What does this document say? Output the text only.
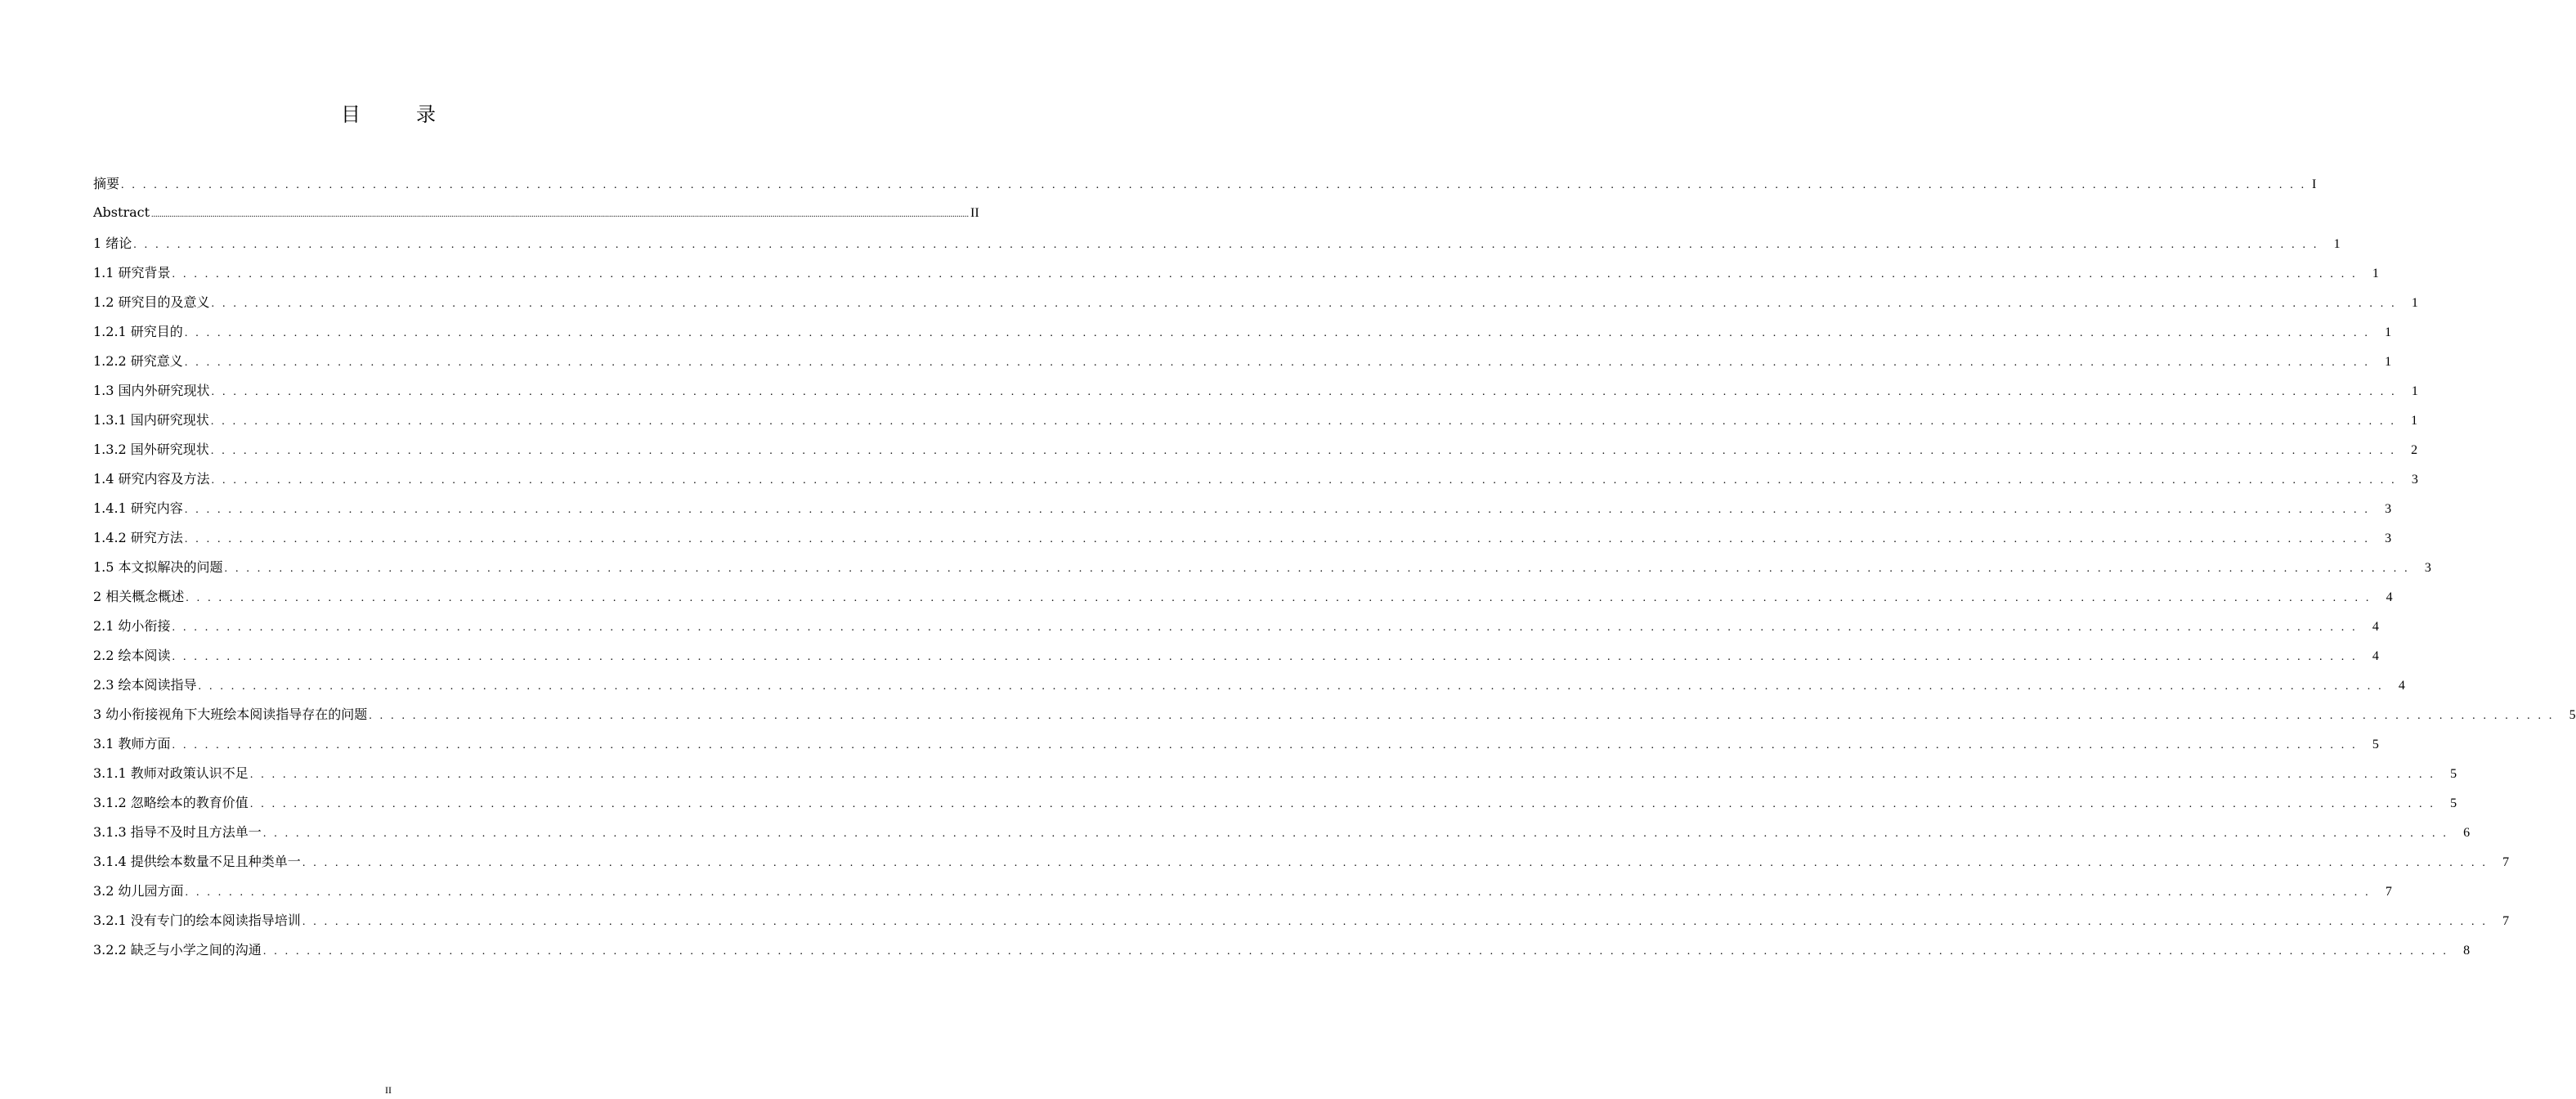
目　录
摘要 . . . . . . . . . . . . . . . . . . . . . . . . . . . . . . . . . . . . . . . . . . . . . . . . . . . . . . . . . . . . . . . . . . . . . . . . . . . . . . . . . . . . . . . . . . . . . . . . . . . . . . . . . . . . . . . . . . . . . . . . . . . . . . . . . . . . . . . . . . . . . . . . . . . . . . . . . . . . . . . . . . . . . . . . . . . . . . . . . . . . . . . . . . . . . . . . . . . . . . . . I
Abstract ................................................................................................................................................................................................................................................................................................................................................................................................................ II
1 绪论 . . . . . . . . . . . . . . . . . . . . . . . . . . . . . . . . . . . . . . . . . . . . . . . . . . . . . . . . . . . . . . . . . . . . . . . . . . . . . . . . . . . . . . . . . . . . . . . . . . . . . . . . . . . . . . . . . . . . . . . . . . . . . . . . . . . . . . . . . . . . . . . . . . . . . . . . . . . . . . . . . . . . . . . . . . . . . . . . . . . . . . . . . . . . . . . . . . . . . . . .	1
1.1 研究背景 . . . . . . . . . . . . . . . . . . . . . . . . . . . . . . . . . . . . . . . . . . . . . . . . . . . . . . . . . . . . . . . . . . . . . . . . . . . . . . . . . . . . . . . . . . . . . . . . . . . . . . . . . . . . . . . . . . . . . . . . . . . . . . . . . . . . . . . . . . . . . . . . . . . . . . . . . . . . . . . . . . . . . . . . . . . . . . . . . . . . . . . . . . . . . . . . . . . . . . . .	1
1.2 研究目的及意义 . . . . . . . . . . . . . . . . . . . . . . . . . . . . . . . . . . . . . . . . . . . . . . . . . . . . . . . . . . . . . . . . . . . . . . . . . . . . . . . . . . . . . . . . . . . . . . . . . . . . . . . . . . . . . . . . . . . . . . . . . . . . . . . . . . . . . . . . . . . . . . . . . . . . . . . . . . . . . . . . . . . . . . . . . . . . . . . . . . . . . . . . . . . . . . . . . . . . . . . .	1
1.2.1 研究目的 . . . . . . . . . . . . . . . . . . . . . . . . . . . . . . . . . . . . . . . . . . . . . . . . . . . . . . . . . . . . . . . . . . . . . . . . . . . . . . . . . . . . . . . . . . . . . . . . . . . . . . . . . . . . . . . . . . . . . . . . . . . . . . . . . . . . . . . . . . . . . . . . . . . . . . . . . . . . . . . . . . . . . . . . . . . . . . . . . . . . . . . . . . . . . . . . . . . . . . . .	1
1.2.2 研究意义 . . . . . . . . . . . . . . . . . . . . . . . . . . . . . . . . . . . . . . . . . . . . . . . . . . . . . . . . . . . . . . . . . . . . . . . . . . . . . . . . . . . . . . . . . . . . . . . . . . . . . . . . . . . . . . . . . . . . . . . . . . . . . . . . . . . . . . . . . . . . . . . . . . . . . . . . . . . . . . . . . . . . . . . . . . . . . . . . . . . . . . . . . . . . . . . . . . . . . . . .	1
1.3 国内外研究现状 . . . . . . . . . . . . . . . . . . . . . . . . . . . . . . . . . . . . . . . . . . . . . . . . . . . . . . . . . . . . . . . . . . . . . . . . . . . . . . . . . . . . . . . . . . . . . . . . . . . . . . . . . . . . . . . . . . . . . . . . . . . . . . . . . . . . . . . . . . . . . . . . . . . . . . . . . . . . . . . . . . . . . . . . . . . . . . . . . . . . . . . . . . . . . . . . . . . . . . . .	1
1.3.1 国内研究现状 . . . . . . . . . . . . . . . . . . . . . . . . . . . . . . . . . . . . . . . . . . . . . . . . . . . . . . . . . . . . . . . . . . . . . . . . . . . . . . . . . . . . . . . . . . . . . . . . . . . . . . . . . . . . . . . . . . . . . . . . . . . . . . . . . . . . . . . . . . . . . . . . . . . . . . . . . . . . . . . . . . . . . . . . . . . . . . . . . . . . . . . . . . . . . . . . . . . . . . . .	1
1.3.2 国外研究现状 . . . . . . . . . . . . . . . . . . . . . . . . . . . . . . . . . . . . . . . . . . . . . . . . . . . . . . . . . . . . . . . . . . . . . . . . . . . . . . . . . . . . . . . . . . . . . . . . . . . . . . . . . . . . . . . . . . . . . . . . . . . . . . . . . . . . . . . . . . . . . . . . . . . . . . . . . . . . . . . . . . . . . . . . . . . . . . . . . . . . . . . . . . . . . . . . . . . . . . . .	2
1.4 研究内容及方法 . . . . . . . . . . . . . . . . . . . . . . . . . . . . . . . . . . . . . . . . . . . . . . . . . . . . . . . . . . . . . . . . . . . . . . . . . . . . . . . . . . . . . . . . . . . . . . . . . . . . . . . . . . . . . . . . . . . . . . . . . . . . . . . . . . . . . . . . . . . . . . . . . . . . . . . . . . . . . . . . . . . . . . . . . . . . . . . . . . . . . . . . . . . . . . . . . . . . . . . .	3
1.4.1 研究内容 . . . . . . . . . . . . . . . . . . . . . . . . . . . . . . . . . . . . . . . . . . . . . . . . . . . . . . . . . . . . . . . . . . . . . . . . . . . . . . . . . . . . . . . . . . . . . . . . . . . . . . . . . . . . . . . . . . . . . . . . . . . . . . . . . . . . . . . . . . . . . . . . . . . . . . . . . . . . . . . . . . . . . . . . . . . . . . . . . . . . . . . . . . . . . . . . . . . . . . . .	3
1.4.2 研究方法 . . . . . . . . . . . . . . . . . . . . . . . . . . . . . . . . . . . . . . . . . . . . . . . . . . . . . . . . . . . . . . . . . . . . . . . . . . . . . . . . . . . . . . . . . . . . . . . . . . . . . . . . . . . . . . . . . . . . . . . . . . . . . . . . . . . . . . . . . . . . . . . . . . . . . . . . . . . . . . . . . . . . . . . . . . . . . . . . . . . . . . . . . . . . . . . . . . . . . . . .	3
1.5 本文拟解决的问题 . . . . . . . . . . . . . . . . . . . . . . . . . . . . . . . . . . . . . . . . . . . . . . . . . . . . . . . . . . . . . . . . . . . . . . . . . . . . . . . . . . . . . . . . . . . . . . . . . . . . . . . . . . . . . . . . . . . . . . . . . . . . . . . . . . . . . . . . . . . . . . . . . . . . . . . . . . . . . . . . . . . . . . . . . . . . . . . . . . . . . . . . . . . . . . . . . . . . . . . .	3
2 相关概念概述 . . . . . . . . . . . . . . . . . . . . . . . . . . . . . . . . . . . . . . . . . . . . . . . . . . . . . . . . . . . . . . . . . . . . . . . . . . . . . . . . . . . . . . . . . . . . . . . . . . . . . . . . . . . . . . . . . . . . . . . . . . . . . . . . . . . . . . . . . . . . . . . . . . . . . . . . . . . . . . . . . . . . . . . . . . . . . . . . . . . . . . . . . . . . . . . . . . . . . . . .	4
2.1 幼小衔接 . . . . . . . . . . . . . . . . . . . . . . . . . . . . . . . . . . . . . . . . . . . . . . . . . . . . . . . . . . . . . . . . . . . . . . . . . . . . . . . . . . . . . . . . . . . . . . . . . . . . . . . . . . . . . . . . . . . . . . . . . . . . . . . . . . . . . . . . . . . . . . . . . . . . . . . . . . . . . . . . . . . . . . . . . . . . . . . . . . . . . . . . . . . . . . . . . . . . . . . .	4
2.2 绘本阅读 . . . . . . . . . . . . . . . . . . . . . . . . . . . . . . . . . . . . . . . . . . . . . . . . . . . . . . . . . . . . . . . . . . . . . . . . . . . . . . . . . . . . . . . . . . . . . . . . . . . . . . . . . . . . . . . . . . . . . . . . . . . . . . . . . . . . . . . . . . . . . . . . . . . . . . . . . . . . . . . . . . . . . . . . . . . . . . . . . . . . . . . . . . . . . . . . . . . . . . . .	4
2.3 绘本阅读指导 . . . . . . . . . . . . . . . . . . . . . . . . . . . . . . . . . . . . . . . . . . . . . . . . . . . . . . . . . . . . . . . . . . . . . . . . . . . . . . . . . . . . . . . . . . . . . . . . . . . . . . . . . . . . . . . . . . . . . . . . . . . . . . . . . . . . . . . . . . . . . . . . . . . . . . . . . . . . . . . . . . . . . . . . . . . . . . . . . . . . . . . . . . . . . . . . . . . . . . . .	4
3 幼小衔接视角下大班绘本阅读指导存在的问题 . . . . . . . . . . . . . . . . . . . . . . . . . . . . . . . . . . . . . . . . . . . . . . . . . . . . . . . . . . . . . . . . . . . . . . . . . . . . . . . . . . . . . . . . . . . . . . . . . . . . . . . . . . . . . . . . . . . . . . . . . . . . . . . . . . . . . . . . . . . . . . . . . . . . . . . . . . . . . . . . . . . . . . . . . . . . . . . . . . . . . . . . . . . . . . . . . . . . . . . .	5
3.1 教师方面 . . . . . . . . . . . . . . . . . . . . . . . . . . . . . . . . . . . . . . . . . . . . . . . . . . . . . . . . . . . . . . . . . . . . . . . . . . . . . . . . . . . . . . . . . . . . . . . . . . . . . . . . . . . . . . . . . . . . . . . . . . . . . . . . . . . . . . . . . . . . . . . . . . . . . . . . . . . . . . . . . . . . . . . . . . . . . . . . . . . . . . . . . . . . . . . . . . . . . . . .	5
3.1.1 教师对政策认识不足 . . . . . . . . . . . . . . . . . . . . . . . . . . . . . . . . . . . . . . . . . . . . . . . . . . . . . . . . . . . . . . . . . . . . . . . . . . . . . . . . . . . . . . . . . . . . . . . . . . . . . . . . . . . . . . . . . . . . . . . . . . . . . . . . . . . . . . . . . . . . . . . . . . . . . . . . . . . . . . . . . . . . . . . . . . . . . . . . . . . . . . . . . . . . . . . . . . . . . . . .	5
3.1.2 忽略绘本的教育价值 . . . . . . . . . . . . . . . . . . . . . . . . . . . . . . . . . . . . . . . . . . . . . . . . . . . . . . . . . . . . . . . . . . . . . . . . . . . . . . . . . . . . . . . . . . . . . . . . . . . . . . . . . . . . . . . . . . . . . . . . . . . . . . . . . . . . . . . . . . . . . . . . . . . . . . . . . . . . . . . . . . . . . . . . . . . . . . . . . . . . . . . . . . . . . . . . . . . . . . . .	5
3.1.3 指导不及时且方法单一 . . . . . . . . . . . . . . . . . . . . . . . . . . . . . . . . . . . . . . . . . . . . . . . . . . . . . . . . . . . . . . . . . . . . . . . . . . . . . . . . . . . . . . . . . . . . . . . . . . . . . . . . . . . . . . . . . . . . . . . . . . . . . . . . . . . . . . . . . . . . . . . . . . . . . . . . . . . . . . . . . . . . . . . . . . . . . . . . . . . . . . . . . . . . . . . . . . . . . . . .	6
3.1.4 提供绘本数量不足且种类单一 . . . . . . . . . . . . . . . . . . . . . . . . . . . . . . . . . . . . . . . . . . . . . . . . . . . . . . . . . . . . . . . . . . . . . . . . . . . . . . . . . . . . . . . . . . . . . . . . . . . . . . . . . . . . . . . . . . . . . . . . . . . . . . . . . . . . . . . . . . . . . . . . . . . . . . . . . . . . . . . . . . . . . . . . . . . . . . . . . . . . . . . . . . . . . . . . . . . . . . . .	7
3.2 幼儿园方面 . . . . . . . . . . . . . . . . . . . . . . . . . . . . . . . . . . . . . . . . . . . . . . . . . . . . . . . . . . . . . . . . . . . . . . . . . . . . . . . . . . . . . . . . . . . . . . . . . . . . . . . . . . . . . . . . . . . . . . . . . . . . . . . . . . . . . . . . . . . . . . . . . . . . . . . . . . . . . . . . . . . . . . . . . . . . . . . . . . . . . . . . . . . . . . . . . . . . . . . .	7
3.2.1 没有专门的绘本阅读指导培训 . . . . . . . . . . . . . . . . . . . . . . . . . . . . . . . . . . . . . . . . . . . . . . . . . . . . . . . . . . . . . . . . . . . . . . . . . . . . . . . . . . . . . . . . . . . . . . . . . . . . . . . . . . . . . . . . . . . . . . . . . . . . . . . . . . . . . . . . . . . . . . . . . . . . . . . . . . . . . . . . . . . . . . . . . . . . . . . . . . . . . . . . . . . . . . . . . . . . . . . .	7
3.2.2 缺乏与小学之间的沟通 . . . . . . . . . . . . . . . . . . . . . . . . . . . . . . . . . . . . . . . . . . . . . . . . . . . . . . . . . . . . . . . . . . . . . . . . . . . . . . . . . . . . . . . . . . . . . . . . . . . . . . . . . . . . . . . . . . . . . . . . . . . . . . . . . . . . . . . . . . . . . . . . . . . . . . . . . . . . . . . . . . . . . . . . . . . . . . . . . . . . . . . . . . . . . . . . . . . . . . . .	8
II
